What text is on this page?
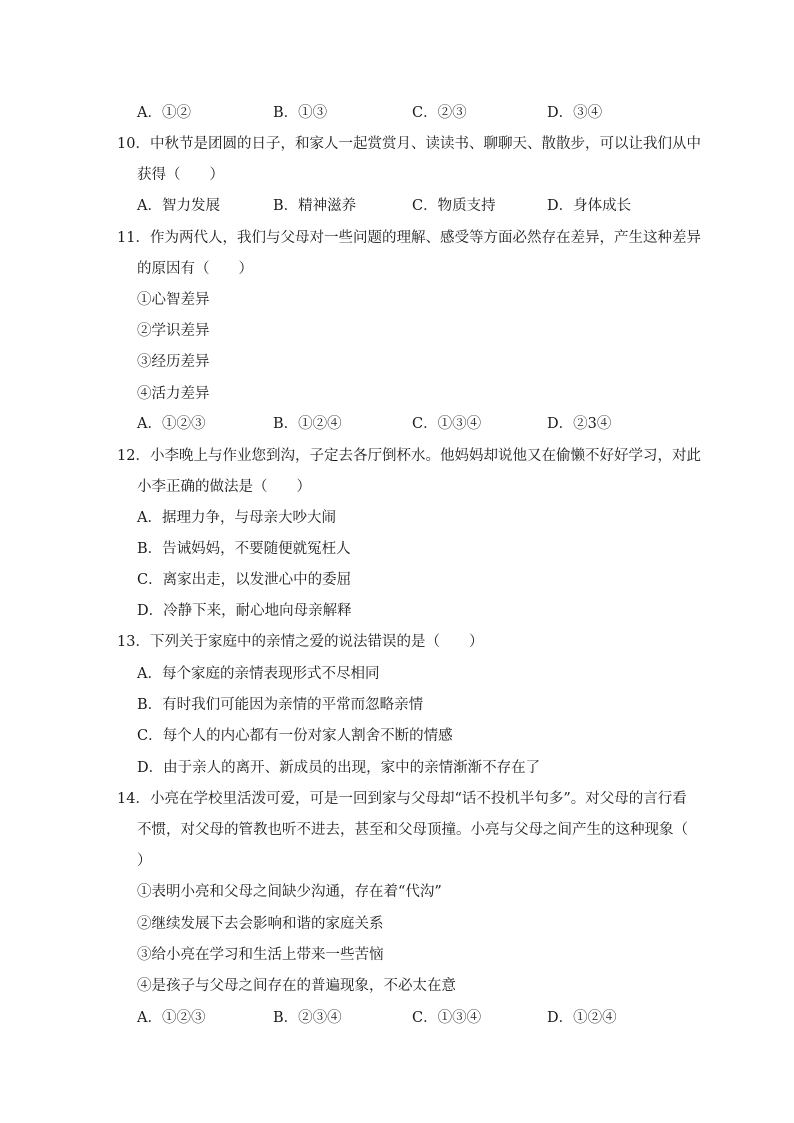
A．①②	B．①③	C．②③	D．③④
10．中秋节是团圆的日子，和家人一起赏赏月、读读书、聊聊天、散散步，可以让我们从中
获得（　　）
A．智力发展	B．精神滋养	C．物质支持	D．身体成长
11．作为两代人，我们与父母对一些问题的理解、感受等方面必然存在差异，产生这种差异
的原因有（　　）
①心智差异
②学识差异
③经历差异
④活力差异
A．①②③	B．①②④	C．①③④	D．②3④
12．小李晚上与作业您到沟，子定去各厅倒杯水。他妈妈却说他又在偷懒不好好学习，对此
小李正确的做法是（　　）
A．据理力争，与母亲大吵大闹
B．告诫妈妈，不要随便就冤枉人
C．离家出走，以发泄心中的委屈
D．冷静下来，耐心地向母亲解释
13．下列关于家庭中的亲情之爱的说法错误的是（　　）
A．每个家庭的亲情表现形式不尽相同
B．有时我们可能因为亲情的平常而忽略亲情
C．每个人的内心都有一份对家人割舍不断的情感
D．由于亲人的离开、新成员的出现，家中的亲情渐渐不存在了
14．小亮在学校里活泼可爱，可是一回到家与父母却“话不投机半句多”。对父母的言行看
不惯，对父母的管教也听不进去，甚至和父母顶撞。小亮与父母之间产生的这种现象（
）
①表明小亮和父母之间缺少沟通，存在着“代沟”
②继续发展下去会影响和谐的家庭关系
③给小亮在学习和生活上带来一些苦恼
④是孩子与父母之间存在的普遍现象，不必太在意
A．①②③	B．②③④	C．①③④	D．①②④
